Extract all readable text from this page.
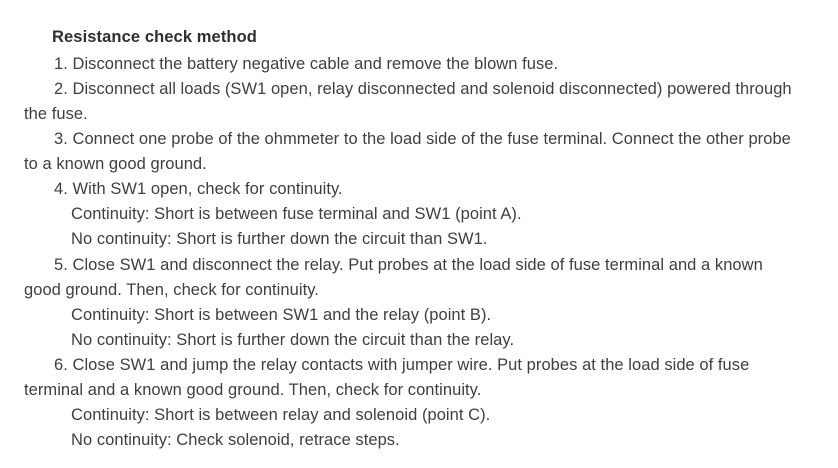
Resistance check method

1. Disconnect the battery negative cable and remove the blown fuse.

2. Disconnect all loads (SW1 open, relay disconnected and solenoid disconnected) powered through the fuse.

3. Connect one probe of the ohmmeter to the load side of the fuse terminal. Connect the other probe to a known good ground.

4. With SW1 open, check for continuity.

Continuity: Short is between fuse terminal and SW1 (point A).

No continuity: Short is further down the circuit than SW1.

5. Close SW1 and disconnect the relay. Put probes at the load side of fuse terminal and a known good ground. Then, check for continuity.

Continuity: Short is between SW1 and the relay (point B).

No continuity: Short is further down the circuit than the relay.

6. Close SW1 and jump the relay contacts with jumper wire. Put probes at the load side of fuse terminal and a known good ground. Then, check for continuity.

Continuity: Short is between relay and solenoid (point C).

No continuity: Check solenoid, retrace steps.
